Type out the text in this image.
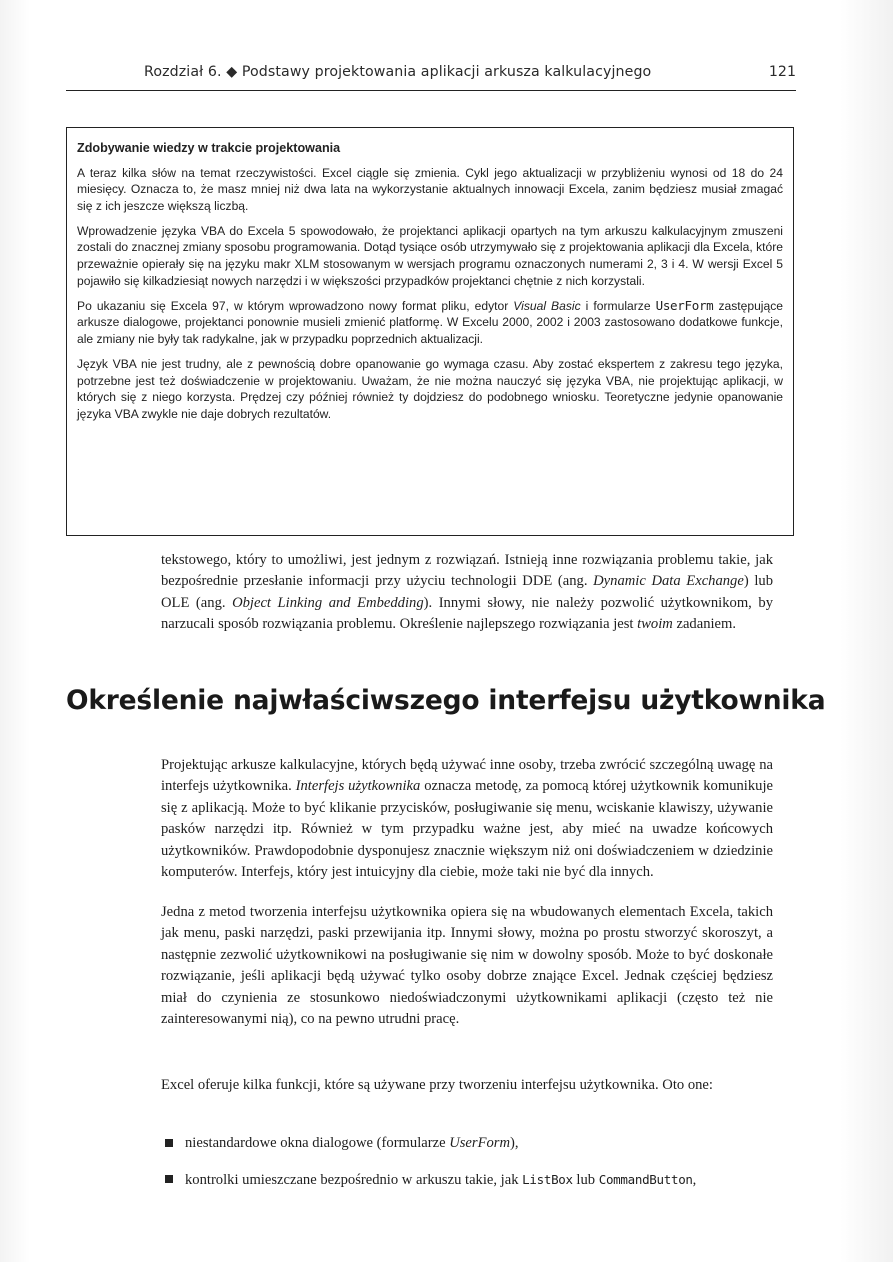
Rozdział 6. ◆ Podstawy projektowania aplikacji arkusza kalkulacyjnego	121
Zdobywanie wiedzy w trakcie projektowania

A teraz kilka słów na temat rzeczywistości. Excel ciągle się zmienia. Cykl jego aktualizacji w przybliżeniu wynosi od 18 do 24 miesięcy. Oznacza to, że masz mniej niż dwa lata na wykorzystanie aktualnych innowacji Excela, zanim będziesz musiał zmagać się z ich jeszcze większą liczbą.

Wprowadzenie języka VBA do Excela 5 spowodowało, że projektanci aplikacji opartych na tym arkuszu kalkulacyjnym zmuszeni zostali do znacznej zmiany sposobu programowania. Dotąd tysiące osób utrzymywało się z projektowania aplikacji dla Excela, które przeważnie opierały się na języku makr XLM stosowanym w wersjach programu oznaczonych numerami 2, 3 i 4. W wersji Excel 5 pojawiło się kilkadziesiąt nowych narzędzi i w większości przypadków projektanci chętnie z nich korzystali.

Po ukazaniu się Excela 97, w którym wprowadzono nowy format pliku, edytor Visual Basic i formularze UserForm zastępujące arkusze dialogowe, projektanci ponownie musieli zmienić platformę. W Excelu 2000, 2002 i 2003 zastosowano dodatkowe funkcje, ale zmiany nie były tak radykalne, jak w przypadku poprzednich aktualizacji.

Język VBA nie jest trudny, ale z pewnością dobre opanowanie go wymaga czasu. Aby zostać ekspertem z zakresu tego języka, potrzebne jest też doświadczenie w projektowaniu. Uważam, że nie można nauczyć się języka VBA, nie projektując aplikacji, w których się z niego korzysta. Prędzej czy później również ty dojdziesz do podobnego wniosku. Teoretyczne jedynie opanowanie języka VBA zwykle nie daje dobrych rezultatów.

tekstowego, który to umożliwi, jest jednym z rozwiązań. Istnieją inne rozwiązania problemu takie, jak bezpośrednie przesłanie informacji przy użyciu technologii DDE (ang. Dynamic Data Exchange) lub OLE (ang. Object Linking and Embedding). Innymi słowy, nie należy pozwolić użytkownikom, by narzucali sposób rozwiązania problemu. Określenie najlepszego rozwiązania jest twoim zadaniem.

Określenie najwłaściwszego interfejsu użytkownika

Projektując arkusze kalkulacyjne, których będą używać inne osoby, trzeba zwrócić szczególną uwagę na interfejs użytkownika. Interfejs użytkownika oznacza metodę, za pomocą której użytkownik komunikuje się z aplikacją. Może to być klikanie przycisków, posługiwanie się menu, wciskanie klawiszy, używanie pasków narzędzi itp. Również w tym przypadku ważne jest, aby mieć na uwadze końcowych użytkowników. Prawdopodobnie dysponujesz znacznie większym niż oni doświadczeniem w dziedzinie komputerów. Interfejs, który jest intuicyjny dla ciebie, może taki nie być dla innych.

Jedna z metod tworzenia interfejsu użytkownika opiera się na wbudowanych elementach Excela, takich jak menu, paski narzędzi, paski przewijania itp. Innymi słowy, można po prostu stworzyć skoroszyt, a następnie zezwolić użytkownikowi na posługiwanie się nim w dowolny sposób. Może to być doskonałe rozwiązanie, jeśli aplikacji będą używać tylko osoby dobrze znające Excel. Jednak częściej będziesz miał do czynienia ze stosunkowo niedoświadczonymi użytkownikami aplikacji (często też nie zainteresowanymi nią), co na pewno utrudni pracę.

Excel oferuje kilka funkcji, które są używane przy tworzeniu interfejsu użytkownika. Oto one:

niestandardowe okna dialogowe (formularze UserForm),
kontrolki umieszczane bezpośrednio w arkuszu takie, jak ListBox lub CommandButton,
